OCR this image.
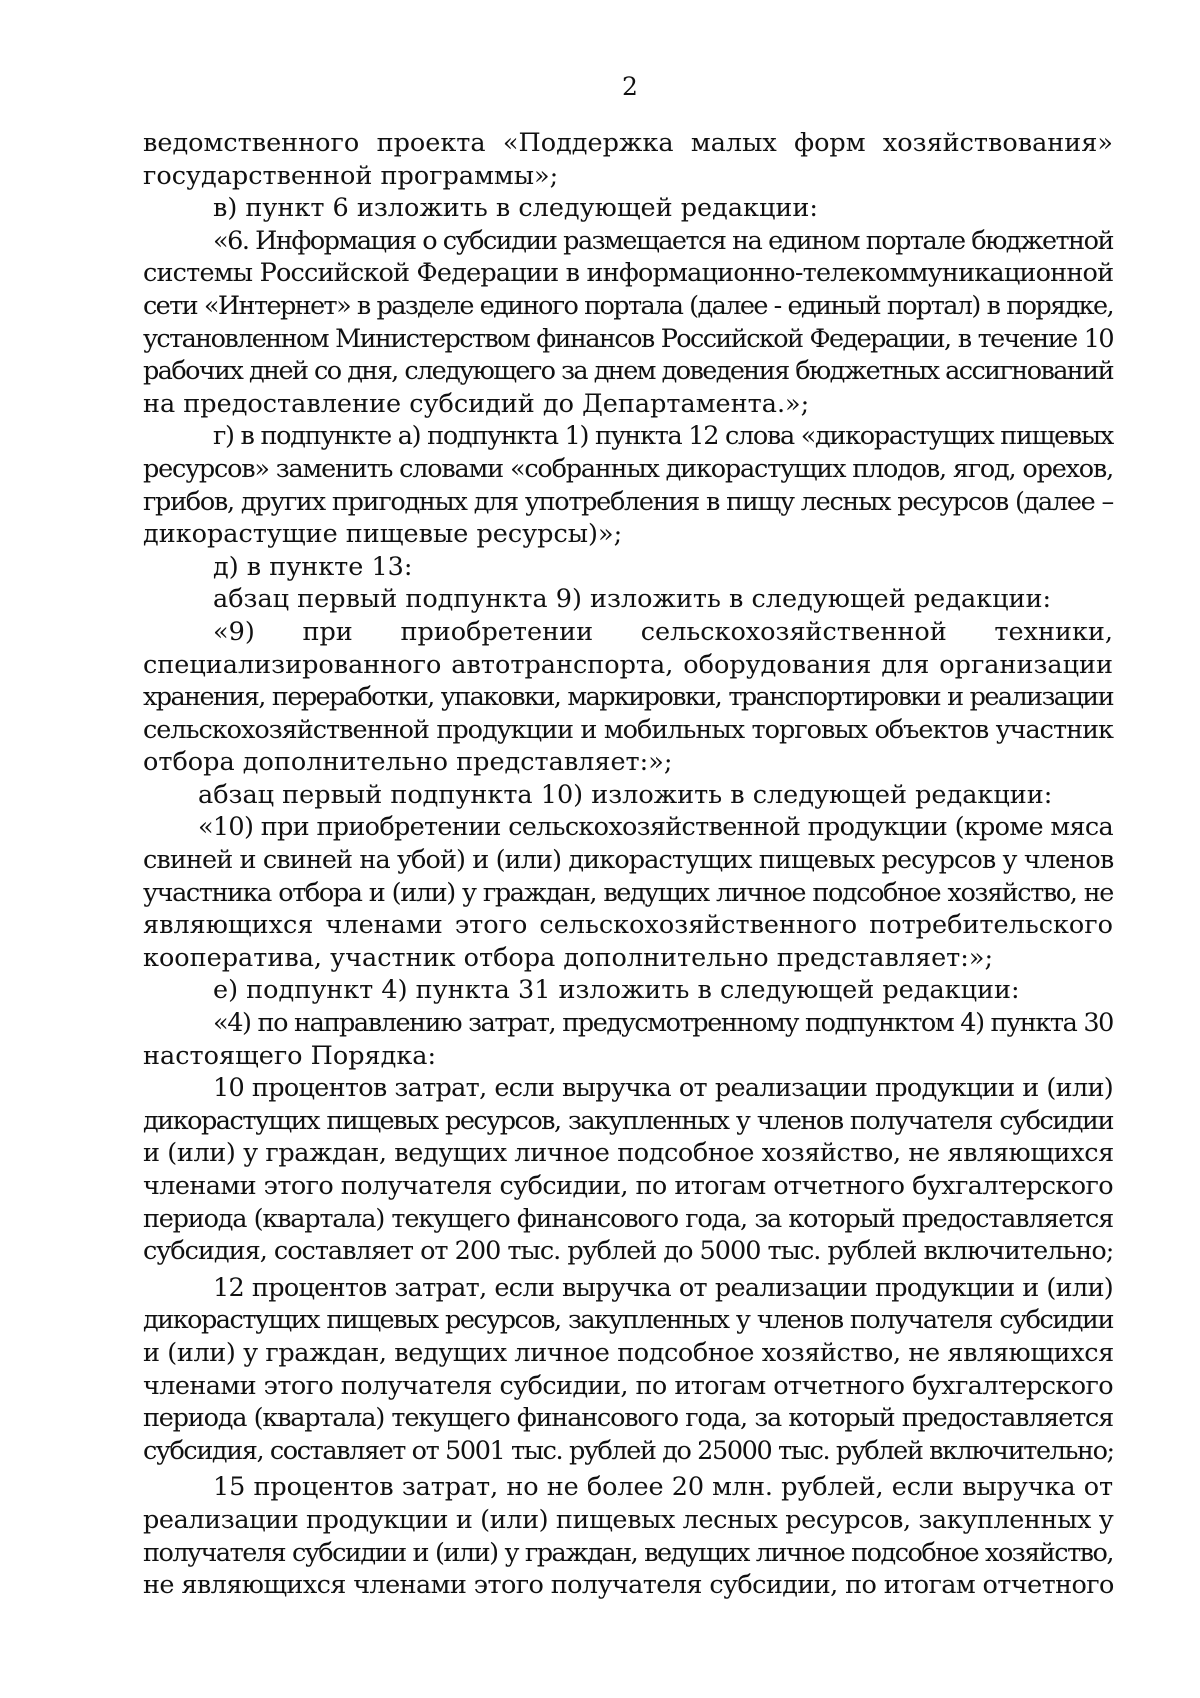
2
ведомственного проекта «Поддержка малых форм хозяйствования»
государственной программы»;
в) пункт 6 изложить в следующей редакции:
«6. Информация о субсидии размещается на едином портале бюджетной
системы Российской Федерации в информационно-телекоммуникационной
сети «Интернет» в разделе единого портала (далее - единый портал) в порядке,
установленном Министерством финансов Российской Федерации, в течение 10
рабочих дней со дня, следующего за днем доведения бюджетных ассигнований
на предоставление субсидий до Департамента.»;
г) в подпункте а) подпункта 1) пункта 12 слова «дикорастущих пищевых
ресурсов» заменить словами «собранных дикорастущих плодов, ягод, орехов,
грибов, других пригодных для употребления в пищу лесных ресурсов (далее –
дикорастущие пищевые ресурсы)»;
д) в пункте 13:
абзац первый подпункта 9) изложить в следующей редакции:
«9) при приобретении сельскохозяйственной техники,
специализированного автотранспорта, оборудования для организации
хранения, переработки, упаковки, маркировки, транспортировки и реализации
сельскохозяйственной продукции и мобильных торговых объектов участник
отбора дополнительно представляет:»;
абзац первый подпункта 10) изложить в следующей редакции:
«10) при приобретении сельскохозяйственной продукции (кроме мяса
свиней и свиней на убой) и (или) дикорастущих пищевых ресурсов у членов
участника отбора и (или) у граждан, ведущих личное подсобное хозяйство, не
являющихся членами этого сельскохозяйственного потребительского
кооператива, участник отбора дополнительно представляет:»;
е) подпункт 4) пункта 31 изложить в следующей редакции:
«4) по направлению затрат, предусмотренному подпунктом 4) пункта 30
настоящего Порядка:
10 процентов затрат, если выручка от реализации продукции и (или)
дикорастущих пищевых ресурсов, закупленных у членов получателя субсидии
и (или) у граждан, ведущих личное подсобное хозяйство, не являющихся
членами этого получателя субсидии, по итогам отчетного бухгалтерского
периода (квартала) текущего финансового года, за который предоставляется
субсидия, составляет от 200 тыс. рублей до 5000 тыс. рублей включительно;
12 процентов затрат, если выручка от реализации продукции и (или)
дикорастущих пищевых ресурсов, закупленных у членов получателя субсидии
и (или) у граждан, ведущих личное подсобное хозяйство, не являющихся
членами этого получателя субсидии, по итогам отчетного бухгалтерского
периода (квартала) текущего финансового года, за который предоставляется
субсидия, составляет от 5001 тыс. рублей до 25000 тыс. рублей включительно;
15 процентов затрат, но не более 20 млн. рублей, если выручка от
реализации продукции и (или) пищевых лесных ресурсов, закупленных у
получателя субсидии и (или) у граждан, ведущих личное подсобное хозяйство,
не являющихся членами этого получателя субсидии, по итогам отчетного
